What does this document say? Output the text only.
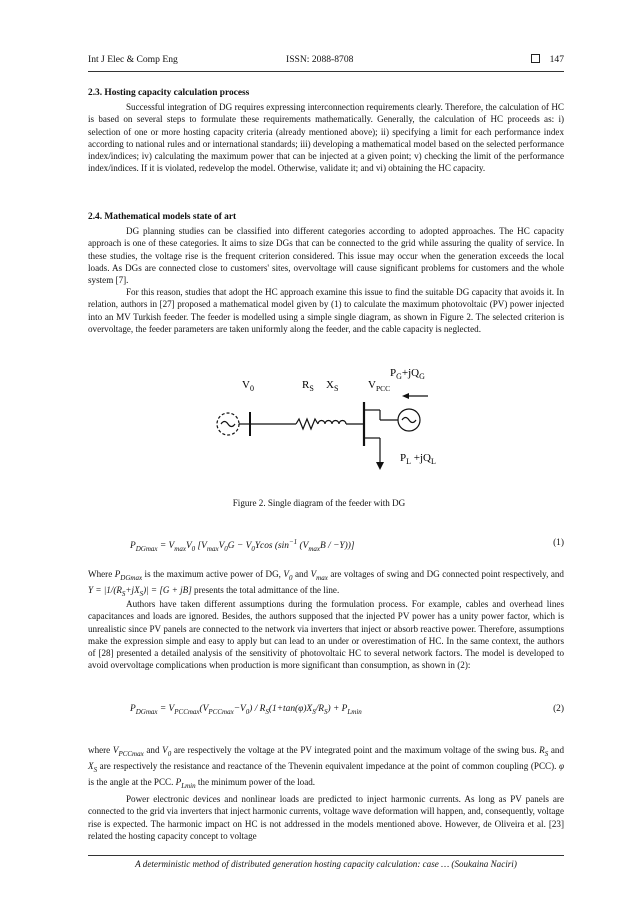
Int J Elec & Comp Eng	ISSN: 2088-8708	147
2.3. Hosting capacity calculation process
Successful integration of DG requires expressing interconnection requirements clearly. Therefore, the calculation of HC is based on several steps to formulate these requirements mathematically. Generally, the calculation of HC proceeds as: i) selection of one or more hosting capacity criteria (already mentioned above); ii) specifying a limit for each performance index according to national rules and or international standards; iii) developing a mathematical model based on the selected performance index/indices; iv) calculating the maximum power that can be injected at a given point; v) checking the limit of the performance index/indices. If it is violated, redevelop the model. Otherwise, validate it; and vi) obtaining the HC capacity.
2.4. Mathematical models state of art
DG planning studies can be classified into different categories according to adopted approaches. The HC capacity approach is one of these categories. It aims to size DGs that can be connected to the grid while assuring the quality of service. In these studies, the voltage rise is the frequent criterion considered. This issue may occur when the generation exceeds the local loads. As DGs are connected close to customers' sites, overvoltage will cause significant problems for customers and the whole system [7].
For this reason, studies that adopt the HC approach examine this issue to find the suitable DG capacity that avoids it. In relation, authors in [27] proposed a mathematical model given by (1) to calculate the maximum photovoltaic (PV) power injected into an MV Turkish feeder. The feeder is modelled using a simple single diagram, as shown in Figure 2. The selected criterion is overvoltage, the feeder parameters are taken uniformly along the feeder, and the cable capacity is neglected.
$V_0$	$R_S$ $X_S$	$V_{PCC}$
$P_G+jQ_G$
$P_L +jQ_L$
Figure 2. Single diagram of the feeder with DG
$P_{DGmax} = V_{max}V_0$ [$V_{max}V_0G - V_0Ycos$ ($\sin^{-1}$ $(V_{max}B / -Y)$)]	(1)
Where $P_{DGmax}$ is the maximum active power of DG, $V_0$ and $V_{max}$ are voltages of swing and DG connected point respectively, and $Y = |1/(R_S+jX_S)| = [G + jB]$ presents the total admittance of the line.
Authors have taken different assumptions during the formulation process. For example, cables and overhead lines capacitances and loads are ignored. Besides, the authors supposed that the injected PV power has a unity power factor, which is unrealistic since PV panels are connected to the network via inverters that inject or absorb reactive power. Therefore, assumptions make the expression simple and easy to apply but can lead to an under or overestimation of HC. In the same context, the authors of [28] presented a detailed analysis of the sensitivity of photovoltaic HC to several network factors. The model is developed to avoid overvoltage complications when production is more significant than consumption, as shown in (2):
$P_{DGmax} = V_{PCCmax}(V_{PCCmax}-V_0) / R_S(1+\tan(\varphi)X_S/R_S) + P_{Lmin}$	(2)
where $V_{PCCmax}$ and $V_0$ are respectively the voltage at the PV integrated point and the maximum voltage of the swing bus. $R_S$ and $X_S$ are respectively the resistance and reactance of the Thevenin equivalent impedance at the point of common coupling (PCC). φ is the angle at the PCC. $P_{Lmin}$ the minimum power of the load.
Power electronic devices and nonlinear loads are predicted to inject harmonic currents. As long as PV panels are connected to the grid via inverters that inject harmonic currents, voltage wave deformation will happen, and, consequently, voltage rise is expected. The harmonic impact on HC is not addressed in the models mentioned above. However, de Oliveira et al. [23] related the hosting capacity concept to voltage
A deterministic method of distributed generation hosting capacity calculation: case … (Soukaina Naciri)
